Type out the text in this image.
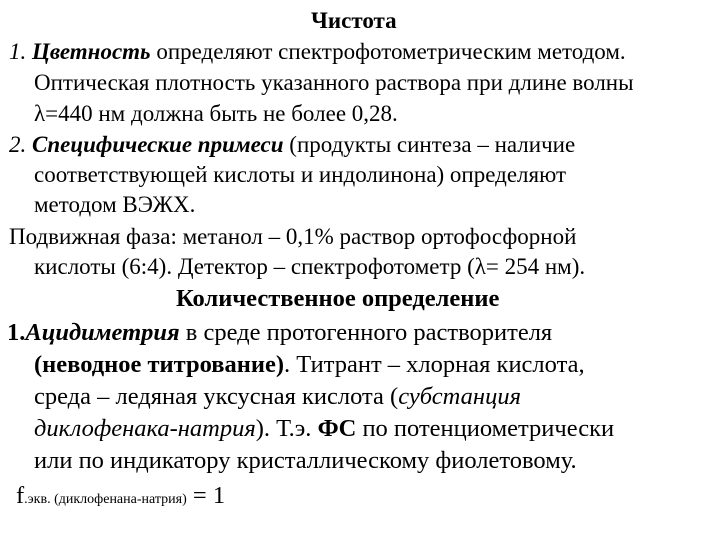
Чистота
1. Цветность определяют спектрофотометрическим методом.
Оптическая плотность указанного раствора при длине волны
λ=440 нм должна быть не более 0,28.
2. Специфические примеси (продукты синтеза – наличие
соответствующей кислоты и индолинона) определяют
методом ВЭЖХ.
Подвижная фаза: метанол – 0,1% раствор ортофосфорной
кислоты (6:4). Детектор – спектрофотометр (λ= 254 нм).
Количественное определение
1.Ацидиметрия в среде протогенного растворителя
(неводное титрование). Титрант – хлорная кислота,
среда – ледяная уксусная кислота (субстанция
диклофенака-натрия). Т.э. ФС по потенциометрически
или по индикатору кристаллическому фиолетовому.
f.экв. (диклофенана-натрия) = 1
